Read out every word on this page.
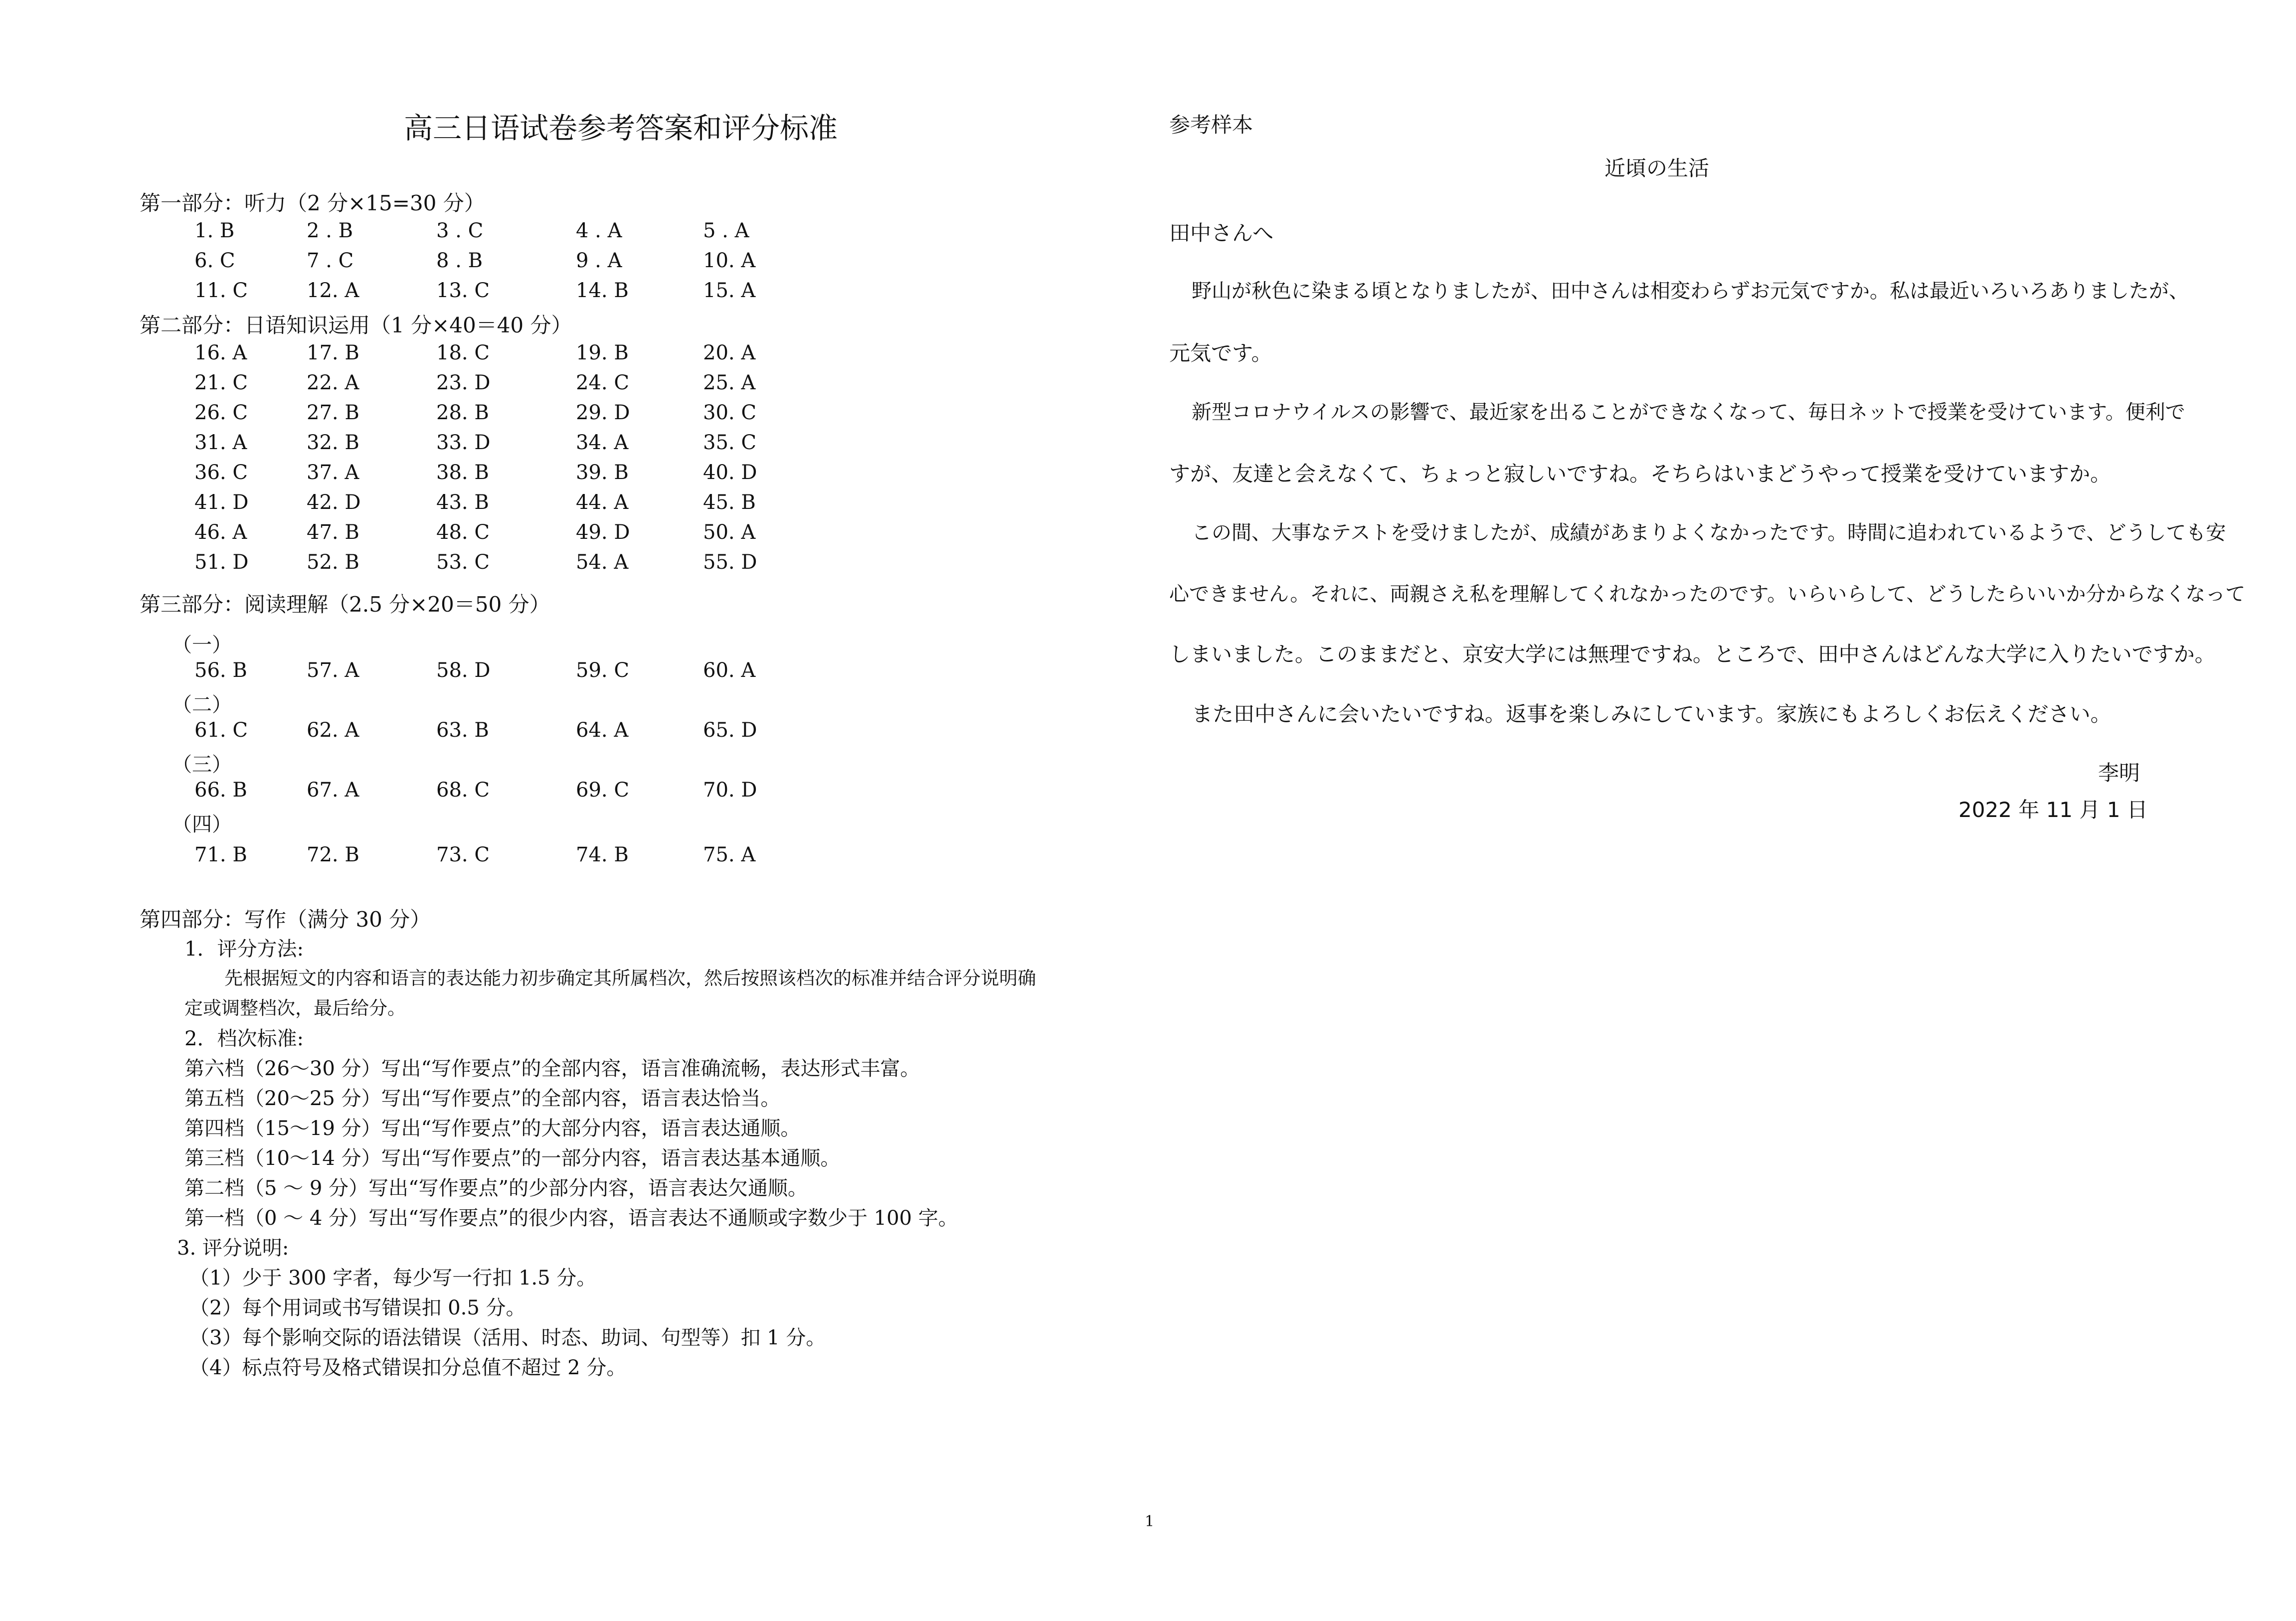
高三日语试卷参考答案和评分标准
第一部分：听力（2 分×15=30 分）
1. B	2 . B	3 . C	4 . A	5 . A
6. C	7 . C	8 . B	9 . A	10. A
11. C	12. A	13. C	14. B	15. A
第二部分：日语知识运用（1 分×40＝40 分）
16. A	17. B	18. C	19. B	20. A
21. C	22. A	23. D	24. C	25. A
26. C	27. B	28. B	29. D	30. C
31. A	32. B	33. D	34. A	35. C
36. C	37. A	38. B	39. B	40. D
41. D	42. D	43. B	44. A	45. B
46. A	47. B	48. C	49. D	50. A
51. D	52. B	53. C	54. A	55. D
第三部分：阅读理解（2.5 分×20＝50 分）
（一）
56. B	57. A	58. D	59. C	60. A
（二）
61. C	62. A	63. B	64. A	65. D
（三）
66. B	67. A	68. C	69. C	70. D
（四）
71. B	72. B	73. C	74. B	75. A
第四部分：写作（满分 30 分）
1．评分方法:
先根据短文的内容和语言的表达能力初步确定其所属档次，然后按照该档次的标准并结合评分说明确
定或调整档次，最后给分。
2．档次标准:
第六档（26～30 分）写出“写作要点”的全部内容，语言准确流畅，表达形式丰富。
第五档（20～25 分）写出“写作要点”的全部内容，语言表达恰当。
第四档（15～19 分）写出“写作要点”的大部分内容，语言表达通顺。
第三档（10～14 分）写出“写作要点”的一部分内容，语言表达基本通顺。
第二档（5 ～ 9 分）写出“写作要点”的少部分内容，语言表达欠通顺。
第一档（0 ～ 4 分）写出“写作要点”的很少内容，语言表达不通顺或字数少于 100 字。
3. 评分说明:
（1）少于 300 字者，每少写一行扣 1.5 分。
（2）每个用词或书写错误扣 0.5 分。
（3）每个影响交际的语法错误（活用、时态、助词、句型等）扣 1 分。
（4）标点符号及格式错误扣分总值不超过 2 分。
参考样本
近頃の生活
田中さんへ
野山が秋色に染まる頃となりましたが、田中さんは相変わらずお元気ですか。私は最近いろいろありましたが、
元気です。
新型コロナウイルスの影響で、最近家を出ることができなくなって、毎日ネットで授業を受けています。便利で
すが、友達と会えなくて、ちょっと寂しいですね。そちらはいまどうやって授業を受けていますか。
この間、大事なテストを受けましたが、成績があまりよくなかったです。時間に追われているようで、どうしても安
心できません。それに、両親さえ私を理解してくれなかったのです。いらいらして、どうしたらいいか分からなくなって
しまいました。このままだと、京安大学には無理ですね。ところで、田中さんはどんな大学に入りたいですか。
また田中さんに会いたいですね。返事を楽しみにしています。家族にもよろしくお伝えください。
李明
2022 年 11 月 1 日
1
